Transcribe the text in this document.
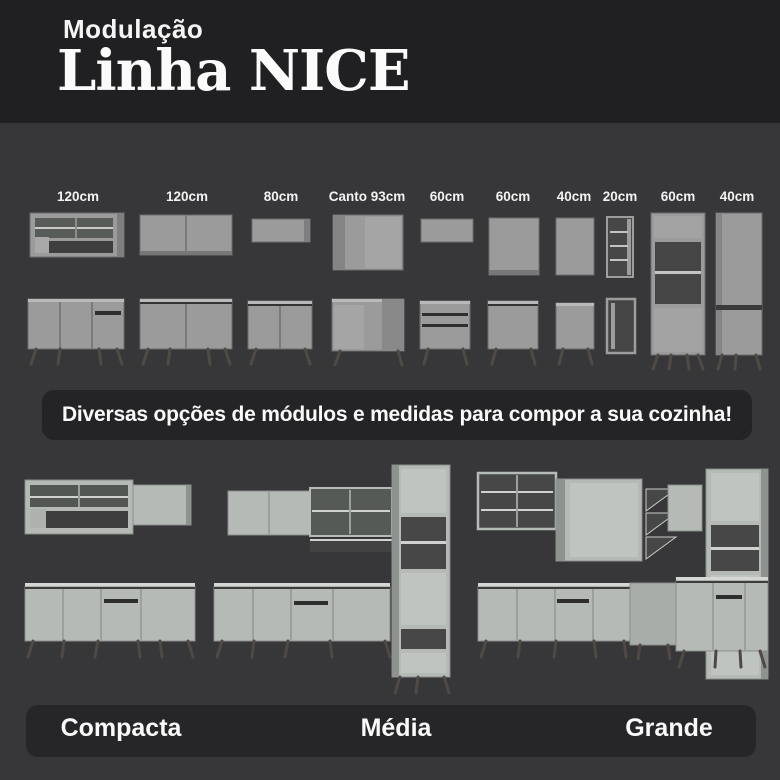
Modulação
Linha NICE
120cm	120cm	80cm Canto 93cm 60cm 60cm 40cm 20cm 60cm 40cm
Diversas opções de módulos e medidas para compor a sua cozinha!
Compacta	Média	Grande
